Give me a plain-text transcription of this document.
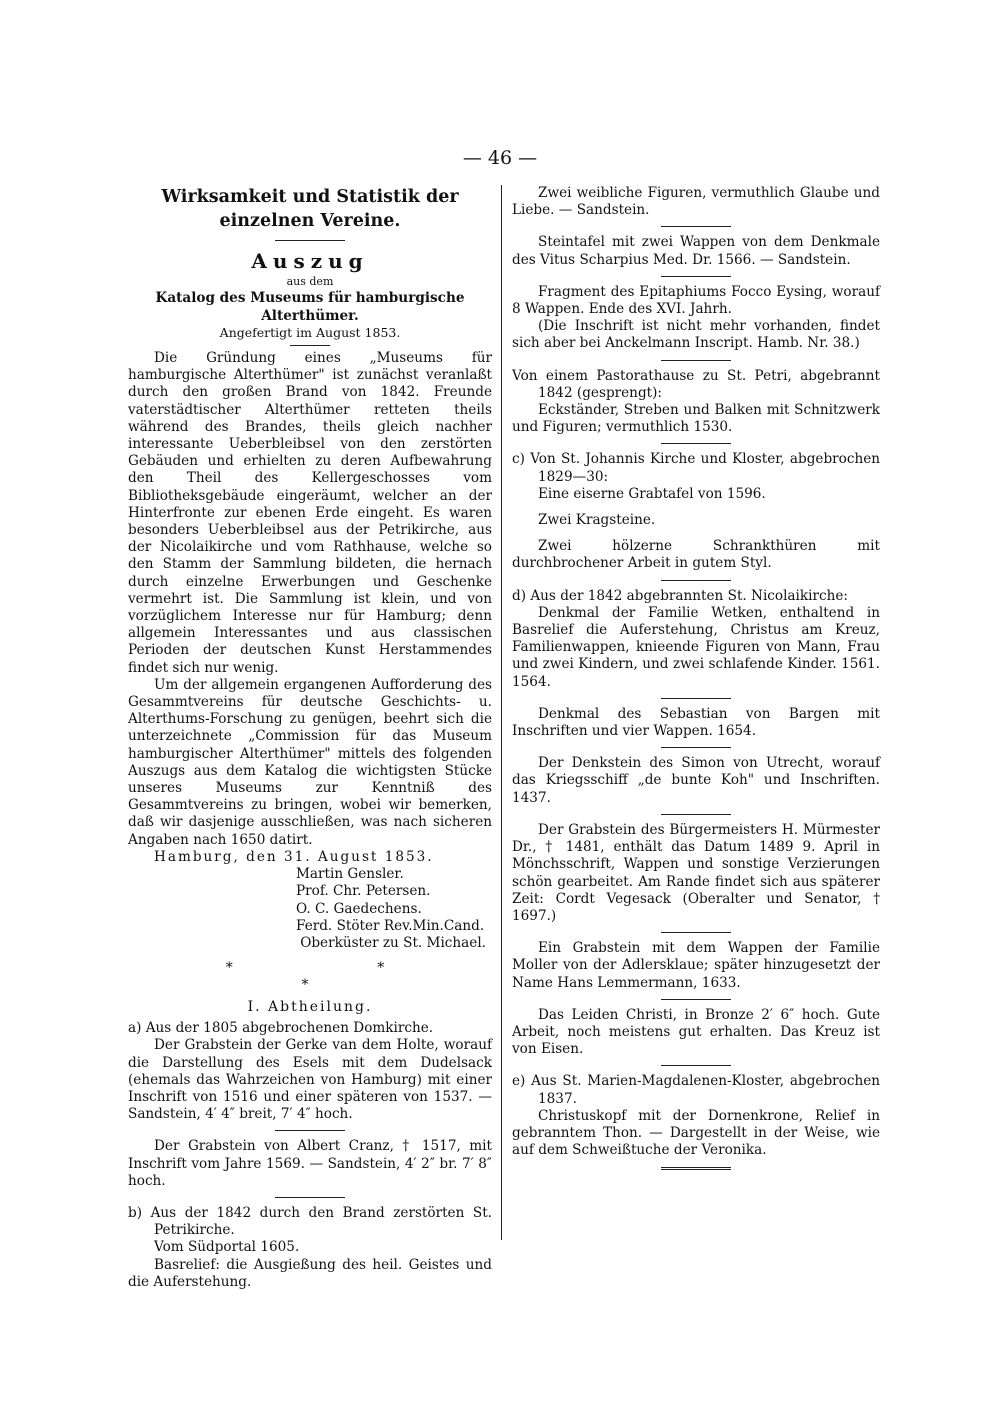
— 46 —

Wirksamkeit und Statistik der einzelnen Vereine.

Auszug

aus dem

Katalog des Museums für hamburgische Alterthümer.

Angefertigt im August 1853.

Die Gründung eines „Museums für hamburgische Alterthümer" ist zunächst veranlaßt durch den großen Brand von 1842. Freunde vaterstädtischer Alterthümer retteten theils während des Brandes, theils gleich nachher interessante Ueberbleibsel von den zerstörten Gebäuden und erhielten zu deren Aufbewahrung den Theil des Kellergeschosses vom Bibliotheksgebäude eingeräumt, welcher an der Hinterfronte zur ebenen Erde eingeht. Es waren besonders Ueberbleibsel aus der Petrikirche, aus der Nicolaikirche und vom Rathhause, welche so den Stamm der Sammlung bildeten, die hernach durch einzelne Erwerbungen und Geschenke vermehrt ist. Die Sammlung ist klein, und von vorzüglichem Interesse nur für Hamburg; denn allgemein Interessantes und aus classischen Perioden der deutschen Kunst Herstammendes findet sich nur wenig.

Um der allgemein ergangenen Aufforderung des Gesammtvereins für deutsche Geschichts- u. Alterthums-Forschung zu genügen, beehrt sich die unterzeichnete „Commission für das Museum hamburgischer Alterthümer" mittels des folgenden Auszugs aus dem Katalog die wichtigsten Stücke unseres Museums zur Kenntniß des Gesammtvereins zu bringen, wobei wir bemerken, daß wir dasjenige ausschließen, was nach sicheren Angaben nach 1650 datirt.

Hamburg, den 31. August 1853.

Martin Gensler.

Prof. Chr. Petersen.

O. C. Gaedechens.

Ferd. Stöter Rev.Min.Cand.

Oberküster zu St. Michael.

* * *

I. Abtheilung.

a) Aus der 1805 abgebrochenen Domkirche.

Der Grabstein der Gerke van dem Holte, worauf die Darstellung des Esels mit dem Dudelsack (ehemals das Wahrzeichen von Hamburg) mit einer Inschrift von 1516 und einer späteren von 1537. — Sandstein, 4′ 4″ breit, 7′ 4″ hoch.

Der Grabstein von Albert Cranz, † 1517, mit Inschrift vom Jahre 1569. — Sandstein, 4′ 2″ br. 7′ 8″ hoch.

b) Aus der 1842 durch den Brand zerstörten St. Petrikirche.

Vom Südportal 1605.

Basrelief: die Ausgießung des heil. Geistes und die Auferstehung.

Zwei weibliche Figuren, vermuthlich Glaube und Liebe. — Sandstein.

Steintafel mit zwei Wappen von dem Denkmale des Vitus Scharpius Med. Dr. 1566. — Sandstein.

Fragment des Epitaphiums Focco Eysing, worauf 8 Wappen. Ende des XVI. Jahrh.

(Die Inschrift ist nicht mehr vorhanden, findet sich aber bei Anckelmann Inscript. Hamb. Nr. 38.)

Von einem Pastorathause zu St. Petri, abgebrannt 1842 (gesprengt):

Eckständer, Streben und Balken mit Schnitzwerk und Figuren; vermuthlich 1530.

c) Von St. Johannis Kirche und Kloster, abgebrochen 1829—30:

Eine eiserne Grabtafel von 1596.

Zwei Kragsteine.

Zwei hölzerne Schrankthüren mit durchbrochener Arbeit in gutem Styl.

d) Aus der 1842 abgebrannten St. Nicolaikirche:

Denkmal der Familie Wetken, enthaltend in Basrelief die Auferstehung, Christus am Kreuz, Familienwappen, knieende Figuren von Mann, Frau und zwei Kindern, und zwei schlafende Kinder. 1561. 1564.

Denkmal des Sebastian von Bargen mit Inschriften und vier Wappen. 1654.

Der Denkstein des Simon von Utrecht, worauf das Kriegsschiff „de bunte Koh" und Inschriften. 1437.

Der Grabstein des Bürgermeisters H. Mürmester Dr., † 1481, enthält das Datum 1489 9. April in Mönchsschrift, Wappen und sonstige Verzierungen schön gearbeitet. Am Rande findet sich aus späterer Zeit: Cordt Vegesack (Oberalter und Senator, † 1697.)

Ein Grabstein mit dem Wappen der Familie Moller von der Adlersklaue; später hinzugesetzt der Name Hans Lemmermann, 1633.

Das Leiden Christi, in Bronze 2′ 6″ hoch. Gute Arbeit, noch meistens gut erhalten. Das Kreuz ist von Eisen.

e) Aus St. Marien-Magdalenen-Kloster, abgebrochen 1837.

Christuskopf mit der Dornenkrone, Relief in gebranntem Thon. — Dargestellt in der Weise, wie auf dem Schweißtuche der Veronika.
